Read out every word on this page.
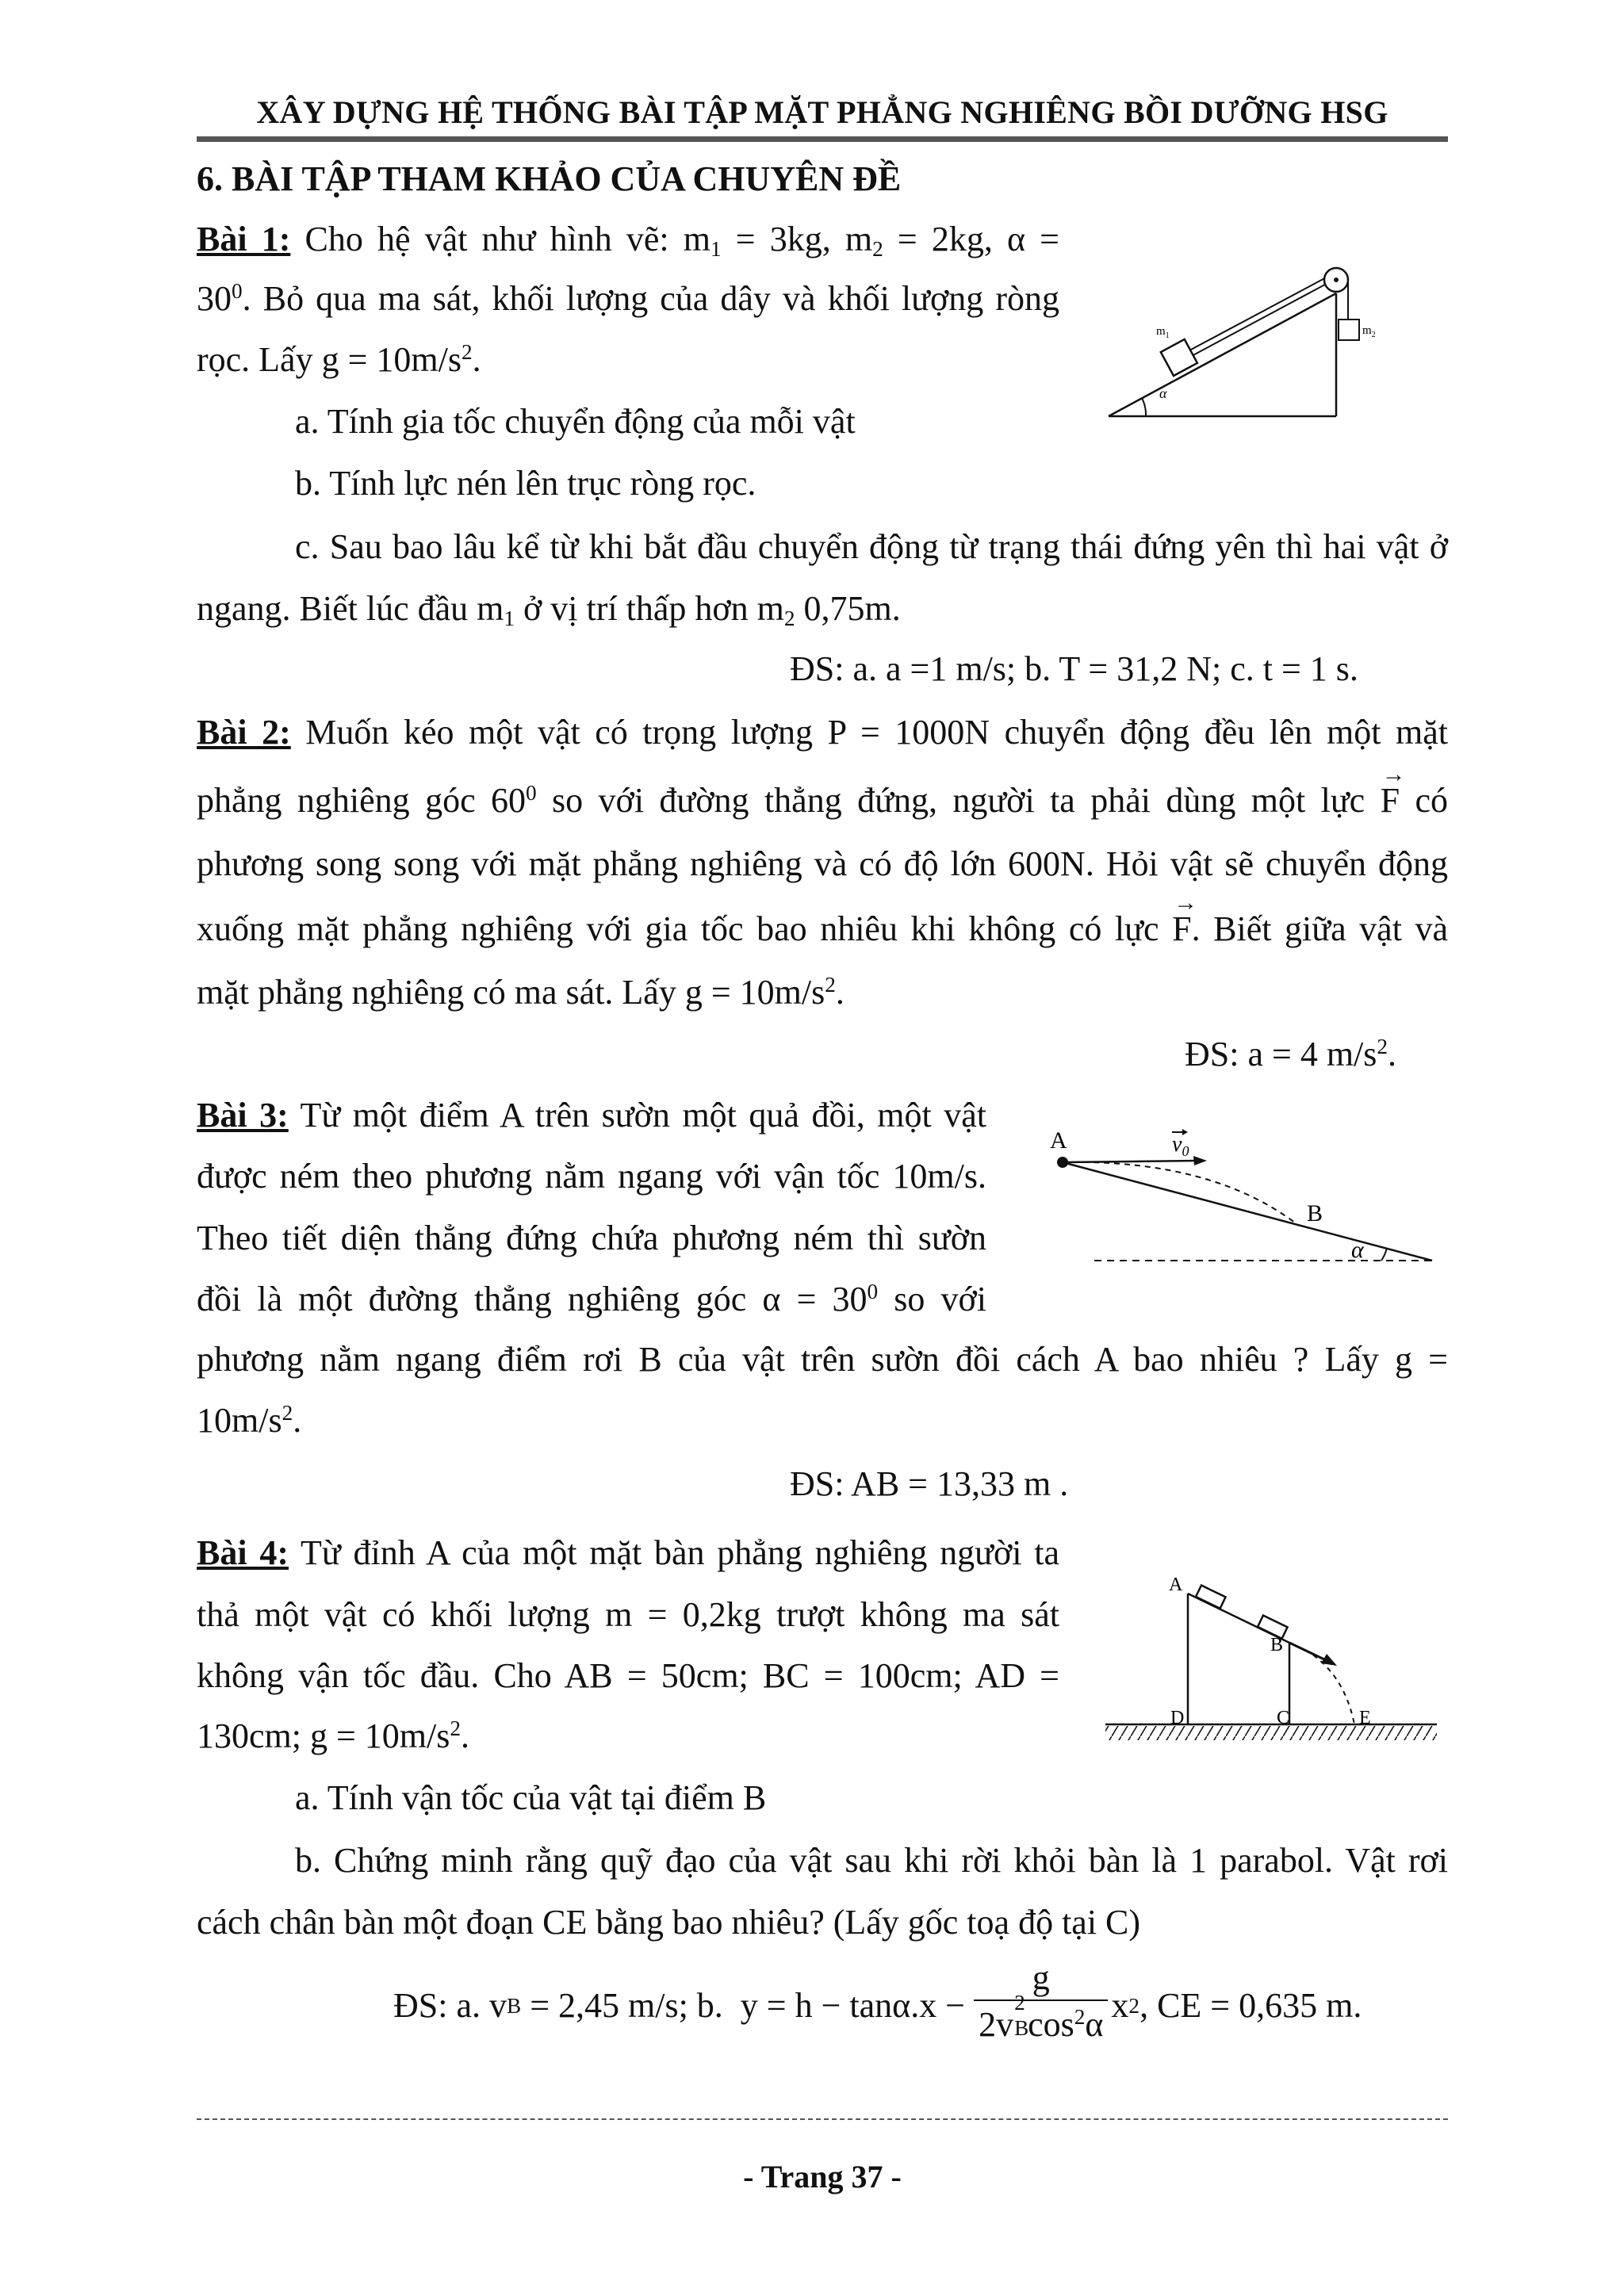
XÂY DỰNG HỆ THỐNG BÀI TẬP MẶT PHẲNG NGHIÊNG BỒI DƯỠNG HSG
6. BÀI TẬP THAM KHẢO CỦA CHUYÊN ĐỀ
Bài 1: Cho hệ vật như hình vẽ: $m_1 = 3kg$, $m_2 = 2kg$, α =
$30^0$. Bỏ qua ma sát, khối lượng của dây và khối lượng ròng
rọc. Lấy $g = 10m/s^2$.
a. Tính gia tốc chuyển động của mỗi vật
b. Tính lực nén lên trục ròng rọc.
c. Sau bao lâu kể từ khi bắt đầu chuyển động từ trạng thái đứng yên thì hai vật ở
ngang. Biết lúc đầu $m_1$ ở vị trí thấp hơn $m_2$ 0,75m.
ĐS: a. a =1 m/s; b. T = 31,2 N; c. t = 1 s.
α
$m_1$	$m_2$
Bài 2: Muốn kéo một vật có trọng lượng P = 1000N chuyển động đều lên một mặt
phẳng nghiêng góc $60^0$ so với đường thẳng đứng, người ta phải dùng một lực → F có
phương song song với mặt phẳng nghiêng và có độ lớn 600N. Hỏi vật sẽ chuyển động
xuống mặt phẳng nghiêng với gia tốc bao nhiêu khi không có lực → F. Biết giữa vật và
mặt phẳng nghiêng có ma sát. Lấy $g = 10m/s^2$.
ĐS: a = 4 $m/s^2$.
Bài 3: Từ một điểm A trên sườn một quả đồi, một vật
được ném theo phương nằm ngang với vận tốc 10m/s.
Theo tiết diện thẳng đứng chứa phương ném thì sườn
đồi là một đường thẳng nghiêng góc $\alpha = 30^0$ so với
phương nằm ngang điểm rơi B của vật trên sườn đồi cách A bao nhiêu ? Lấy g =
$10m/s^2$.
ĐS: AB = 13,33 m .
A	$v_0$
B
α
Bài 4: Từ đỉnh A của một mặt bàn phẳng nghiêng người ta
thả một vật có khối lượng m = 0,2kg trượt không ma sát
không vận tốc đầu. Cho AB = 50cm; BC = 100cm; AD =
130cm; $g = 10m/s^2$.
a. Tính vận tốc của vật tại điểm B
b. Chứng minh rằng quỹ đạo của vật sau khi rời khỏi bàn là 1 parabol. Vật rơi
cách chân bàn một đoạn CE bằng bao nhiêu? (Lấy gốc toạ độ tại C)
ĐS: a. v B = 2,45 m/s; b.  y = h − tanα.x − g
2v
2
B
$\cos^2\alpha$ x 2 , CE = 0,635 m.
A
B
C
D	E
- Trang 37 -
